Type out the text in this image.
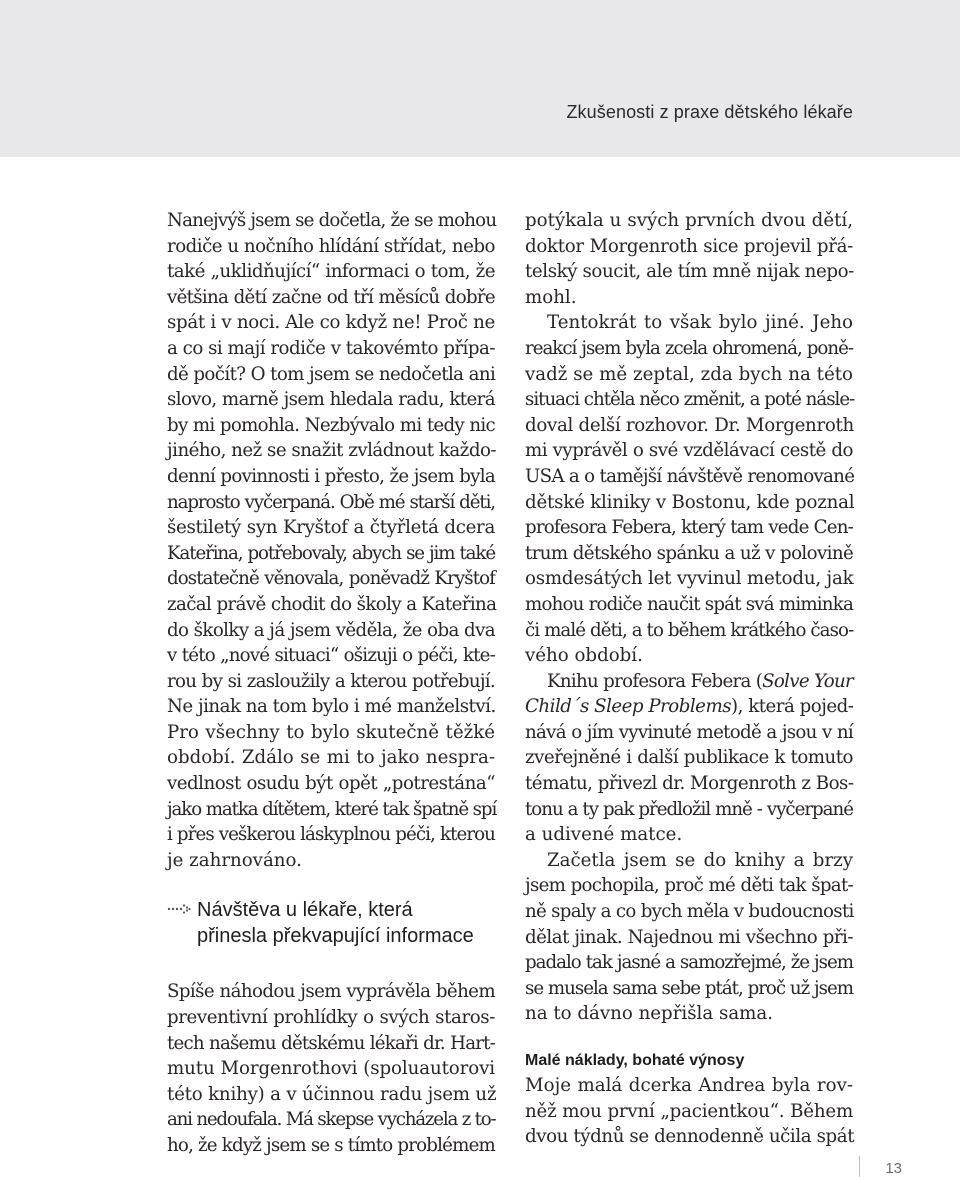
Zkušenosti z praxe dětského lékaře

Nanejvýš jsem se dočetla, že se mohou
rodiče u nočního hlídání střídat, nebo
také „uklidňující“ informaci o tom, že
většina dětí začne od tří měsíců dobře
spát i v noci. Ale co když ne! Proč ne
a co si mají rodiče v takovémto přípa-
dě počít? O tom jsem se nedočetla ani
slovo, marně jsem hledala radu, která
by mi pomohla. Nezbývalo mi tedy nic
jiného, než se snažit zvládnout každo-
denní povinnosti i přesto, že jsem byla
naprosto vyčerpaná. Obě mé starší děti,
šestiletý syn Kryštof a čtyřletá dcera
Kateřina, potřebovaly, abych se jim také
dostatečně věnovala, poněvadž Kryštof
začal právě chodit do školy a Kateřina
do školky a já jsem věděla, že oba dva
v této „nové situaci“ ošizuji o péči, kte-
rou by si zasloužily a kterou potřebují.
Ne jinak na tom bylo i mé manželství.
Pro všechny to bylo skutečně těžké
období. Zdálo se mi to jako nespra-
vedlnost osudu být opět „potrestána“
jako matka dítětem, které tak špatně spí
i přes veškerou láskyplnou péči, kterou
je zahrnováno.

Návštěva u lékaře, která
přinesla překvapující informace

Spíše náhodou jsem vyprávěla během
preventivní prohlídky o svých staros-
tech našemu dětskému lékaři dr. Hart-
mutu Morgenrothovi (spoluautorovi
této knihy) a v účinnou radu jsem už
ani nedoufala. Má skepse vycházela z to-
ho, že když jsem se s tímto problémem

potýkala u svých prvních dvou dětí,
doktor Morgenroth sice projevil přá-
telský soucit, ale tím mně nijak nepo-
mohl.

Tentokrát to však bylo jiné. Jeho
reakcí jsem byla zcela ohromená, poně-
vadž se mě zeptal, zda bych na této
situaci chtěla něco změnit, a poté násle-
doval delší rozhovor. Dr. Morgenroth
mi vyprávěl o své vzdělávací cestě do
USA a o tamější návštěvě renomované
dětské kliniky v Bostonu, kde poznal
profesora Febera, který tam vede Cen-
trum dětského spánku a už v polovině
osmdesátých let vyvinul metodu, jak
mohou rodiče naučit spát svá miminka
či malé děti, a to během krátkého časo-
vého období.

Knihu profesora Febera (Solve Your
Child´s Sleep Problems), která pojed-
nává o jím vyvinuté metodě a jsou v ní
zveřejněné i další publikace k tomuto
tématu, přivezl dr. Morgenroth z Bos-
tonu a ty pak předložil mně - vyčerpané
a udivené matce.

Začetla jsem se do knihy a brzy
jsem pochopila, proč mé děti tak špat-
ně spaly a co bych měla v budoucnosti
dělat jinak. Najednou mi všechno při-
padalo tak jasné a samozřejmé, že jsem
se musela sama sebe ptát, proč už jsem
na to dávno nepřišla sama.

Malé náklady, bohaté výnosy

Moje malá dcerka Andrea byla rov-
něž mou první „pacientkou“. Během
dvou týdnů se dennodenně učila spát

13
